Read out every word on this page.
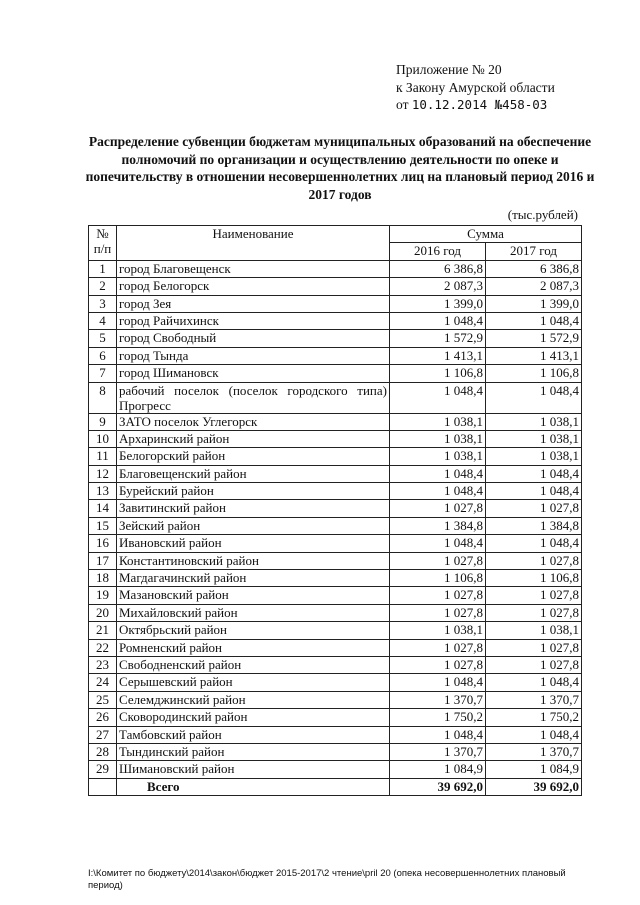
Приложение № 20
к Закону Амурской области
от 10.12.2014 №458-03
Распределение субвенции бюджетам муниципальных образований на обеспечение полномочий по организации и осуществлению деятельности по опеке и попечительству в отношении несовершеннолетних лиц на плановый период 2016 и 2017 годов
(тыс.рублей)
№ п/п	Наименование	Сумма	
		2016 год	2017 год
1	город Благовещенск	6 386,8	6 386,8
2	город Белогорск	2 087,3	2 087,3
3	город Зея	1 399,0	1 399,0
4	город Райчихинск	1 048,4	1 048,4
5	город Свободный	1 572,9	1 572,9
6	город Тында	1 413,1	1 413,1
7	город Шимановск	1 106,8	1 106,8
8	рабочий поселок (поселок городского типа) Прогресс	1 048,4	1 048,4
9	ЗАТО поселок Углегорск	1 038,1	1 038,1
10	Архаринский район	1 038,1	1 038,1
11	Белогорский район	1 038,1	1 038,1
12	Благовещенский район	1 048,4	1 048,4
13	Бурейский район	1 048,4	1 048,4
14	Завитинский район	1 027,8	1 027,8
15	Зейский район	1 384,8	1 384,8
16	Ивановский район	1 048,4	1 048,4
17	Константиновский район	1 027,8	1 027,8
18	Магдагачинский район	1 106,8	1 106,8
19	Мазановский район	1 027,8	1 027,8
20	Михайловский район	1 027,8	1 027,8
21	Октябрьский район	1 038,1	1 038,1
22	Ромненский район	1 027,8	1 027,8
23	Свободненский район	1 027,8	1 027,8
24	Серышевский район	1 048,4	1 048,4
25	Селемджинский район	1 370,7	1 370,7
26	Сковородинский район	1 750,2	1 750,2
27	Тамбовский район	1 048,4	1 048,4
28	Тындинский район	1 370,7	1 370,7
29	Шимановский район	1 084,9	1 084,9
	Всего	39 692,0	39 692,0
I:\Комитет по бюджету\2014\закон\бюджет 2015-2017\2 чтение\pril 20 (опека несовершеннолетних плановый период)
